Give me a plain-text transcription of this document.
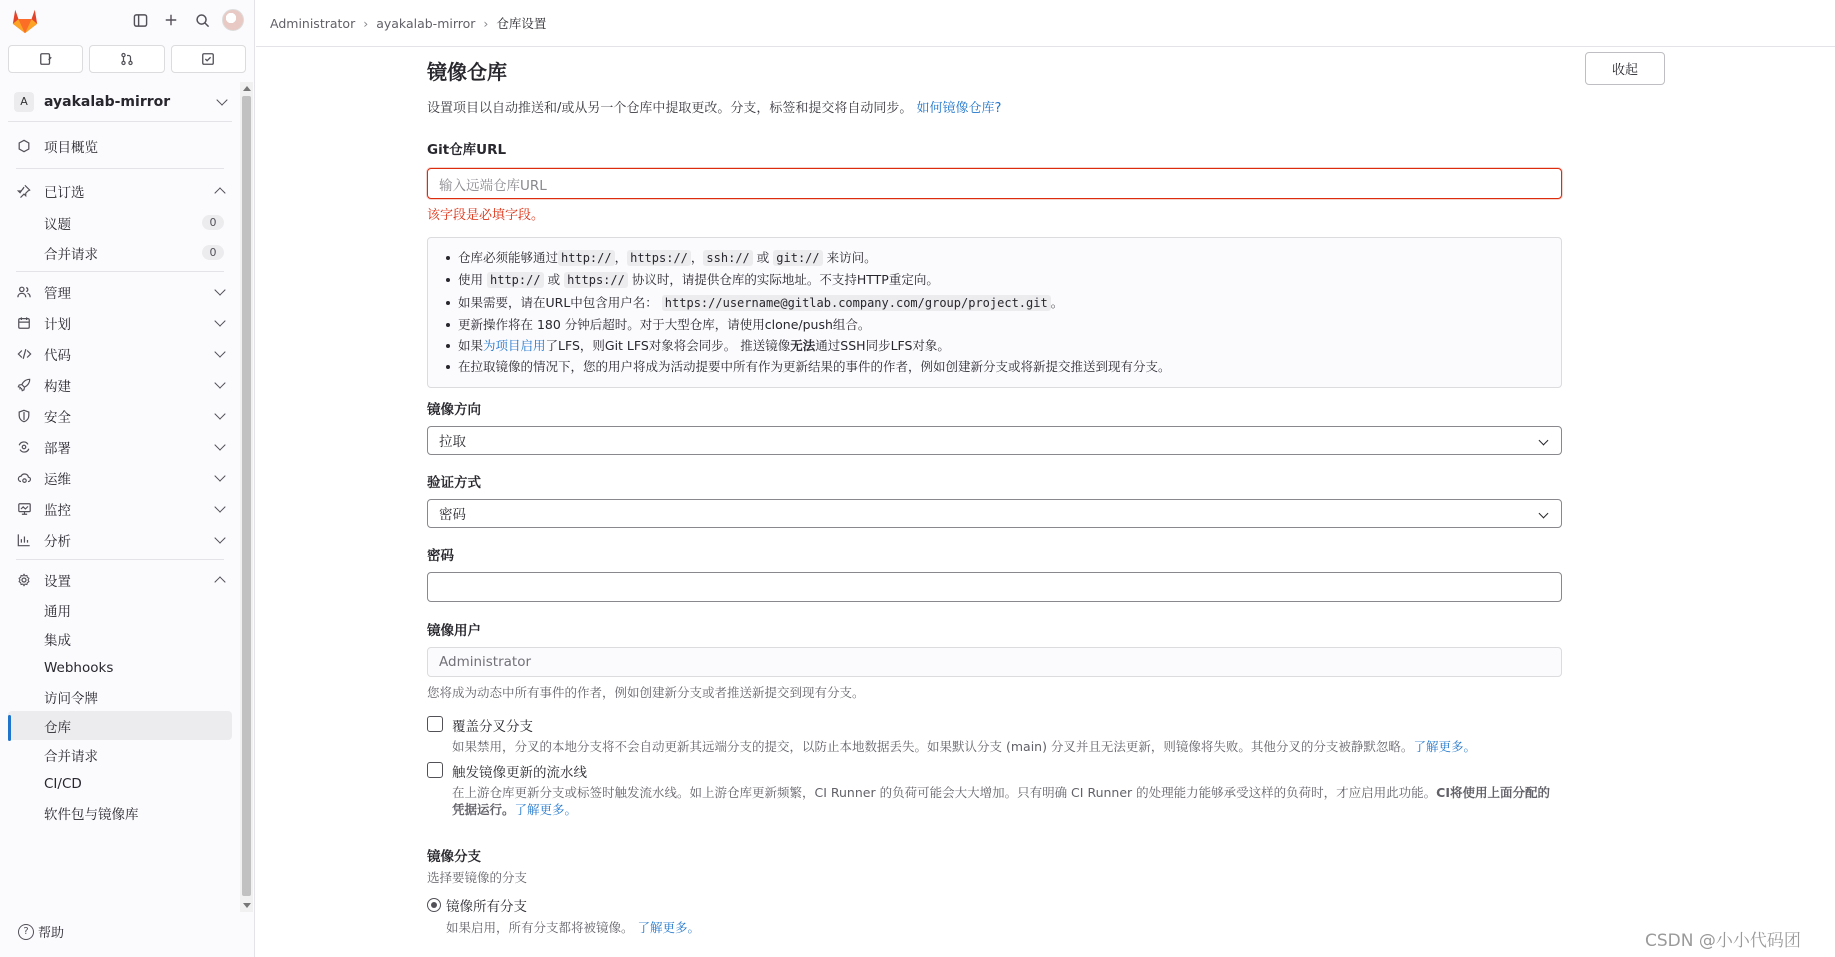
A	ayakalab-mirror
项目概览
已订选
议题	0
合并请求	0
管理
计划
代码
构建
安全
部署
运维
监控
分析
设置
通用
集成
Webhooks
访问令牌
仓库
合并请求
CI/CD
软件包与镜像库
? 帮助
Administrator › ayakalab-mirror › 仓库设置
镜像仓库	收起
设置项目以自动推送和/或从另一个仓库中提取更改。分支，标签和提交将自动同步。 如何镜像仓库?
Git仓库URL
输入远端仓库URL
该字段是必填字段。
仓库必须能够通过 http:// ， https:// ， ssh:// 或 git:// 来访问。
使用 http:// 或 https:// 协议时，请提供仓库的实际地址。不支持HTTP重定向。
如果需要，请在URL中包含用户名： https://username@gitlab.company.com/group/project.git 。
更新操作将在 180 分钟后超时。对于大型仓库，请使用clone/push组合。
如果为项目启用了LFS，则Git LFS对象将会同步。 推送镜像无法通过SSH同步LFS对象。
在拉取镜像的情况下，您的用户将成为活动提要中所有作为更新结果的事件的作者，例如创建新分支或将新提交推送到现有分支。
镜像方向
拉取
验证方式
密码
密码
镜像用户
Administrator
您将成为动态中所有事件的作者，例如创建新分支或者推送新提交到现有分支。
覆盖分叉分支
如果禁用，分叉的本地分支将不会自动更新其远端分支的提交，以防止本地数据丢失。如果默认分支 (main) 分叉并且无法更新，则镜像将失败。其他分叉的分支被静默忽略。了解更多。
触发镜像更新的流水线
在上游仓库更新分支或标签时触发流水线。如上游仓库更新频繁，CI Runner 的负荷可能会大大增加。只有明确 CI Runner 的处理能力能够承受这样的负荷时，才应启用此功能。CI将使用上面分配的凭据运行。了解更多。
镜像分支
选择要镜像的分支
镜像所有分支
如果启用，所有分支都将被镜像。 了解更多。
CSDN @小小代码团
